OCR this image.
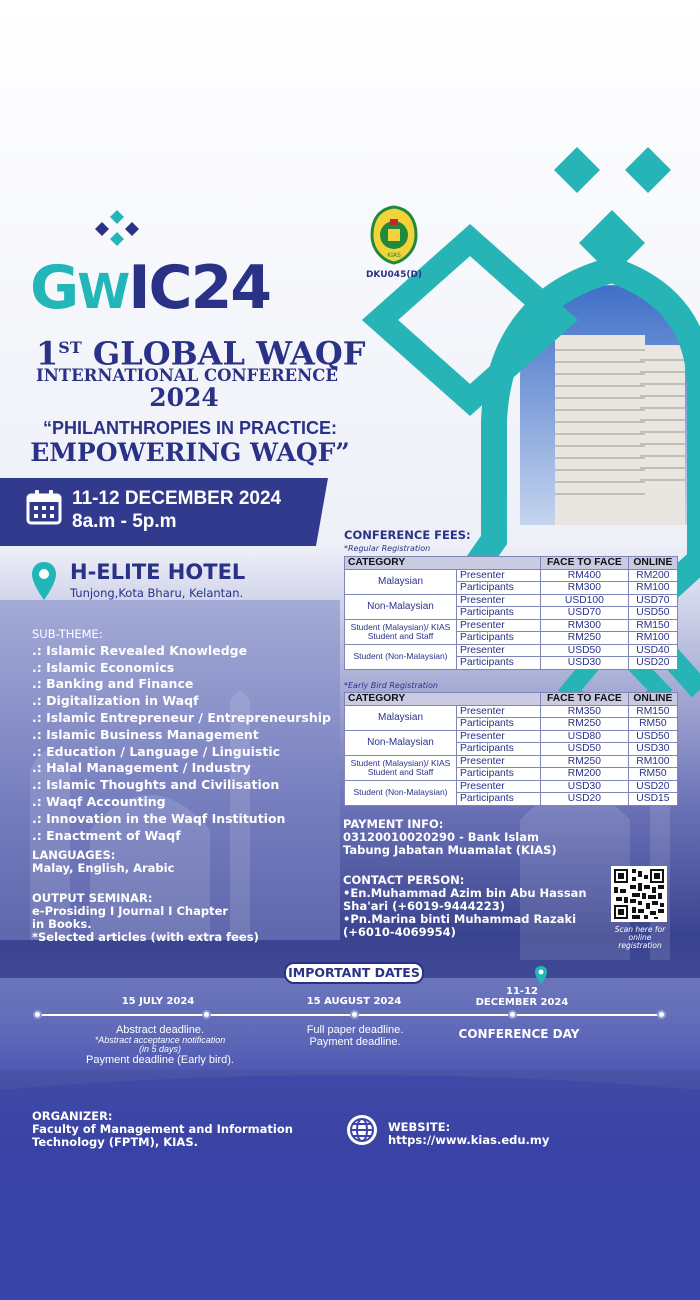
GWIC24	KIAS
DKU045(D)
1ST GLOBAL WAQF
INTERNATIONAL CONFERENCE
2024
“PHILANTHROPIES IN PRACTICE:
EMPOWERING WAQF”
11-12 DECEMBER 2024
8a.m - 5p.m
H-ELITE HOTEL
Tunjong,Kota Bharu, Kelantan.
SUB-THEME:
.: Islamic Revealed Knowledge
.: Islamic Economics
.: Banking and Finance
.: Digitalization in Waqf
.: Islamic Entrepreneur / Entrepreneurship
.: Islamic Business Management
.: Education / Language / Linguistic
.: Halal Management / Industry
.: Islamic Thoughts and Civilisation
.: Waqf Accounting
.: Innovation in the Waqf Institution
.: Enactment of Waqf
LANGUAGES:
Malay, English, Arabic
OUTPUT SEMINAR:
e-Prosiding I Journal I Chapter
in Books.
*Selected articles (with extra fees)
CONFERENCE FEES:
*Regular Registration
CATEGORY		FACE TO FACE	ONLINE
Malaysian	Presenter	RM400	RM200
	Participants	RM300	RM100
Non-Malaysian	Presenter	USD100	USD70
	Participants	USD70	USD50
Student (Malaysian)/ KIAS Student and Staff	Presenter	RM300	RM150
	Participants	RM250	RM100
Student (Non-Malaysian)	Presenter	USD50	USD40
	Participants	USD30	USD20
*Early Bird Registration
CATEGORY		FACE TO FACE	ONLINE
Malaysian	Presenter	RM350	RM150
	Participants	RM250	RM50
Non-Malaysian	Presenter	USD80	USD50
	Participants	USD50	USD30
Student (Malaysian)/ KIAS Student and Staff	Presenter	RM250	RM100
	Participants	RM200	RM50
Student (Non-Malaysian)	Presenter	USD30	USD20
	Participants	USD20	USD15
PAYMENT INFO:
03120010020290 - Bank Islam
Tabung Jabatan Muamalat (KIAS)
CONTACT PERSON:
•En.Muhammad Azim bin Abu Hassan
Sha'ari (+6019-9444223)
•Pn.Marina binti Muhammad Razaki
(+6010-4069954)	Scan here for online registration
IMPORTANT DATES
15 JULY 2024
Abstract deadline.
*Abstract acceptance notification
(in 5 days)
Payment deadline (Early bird).
15 AUGUST 2024
Full paper deadline.
Payment deadline.
11-12
DECEMBER 2024
CONFERENCE DAY
ORGANIZER:
Faculty of Management and Information
Technology (FPTM), KIAS.
WEBSITE:
https://www.kias.edu.my
